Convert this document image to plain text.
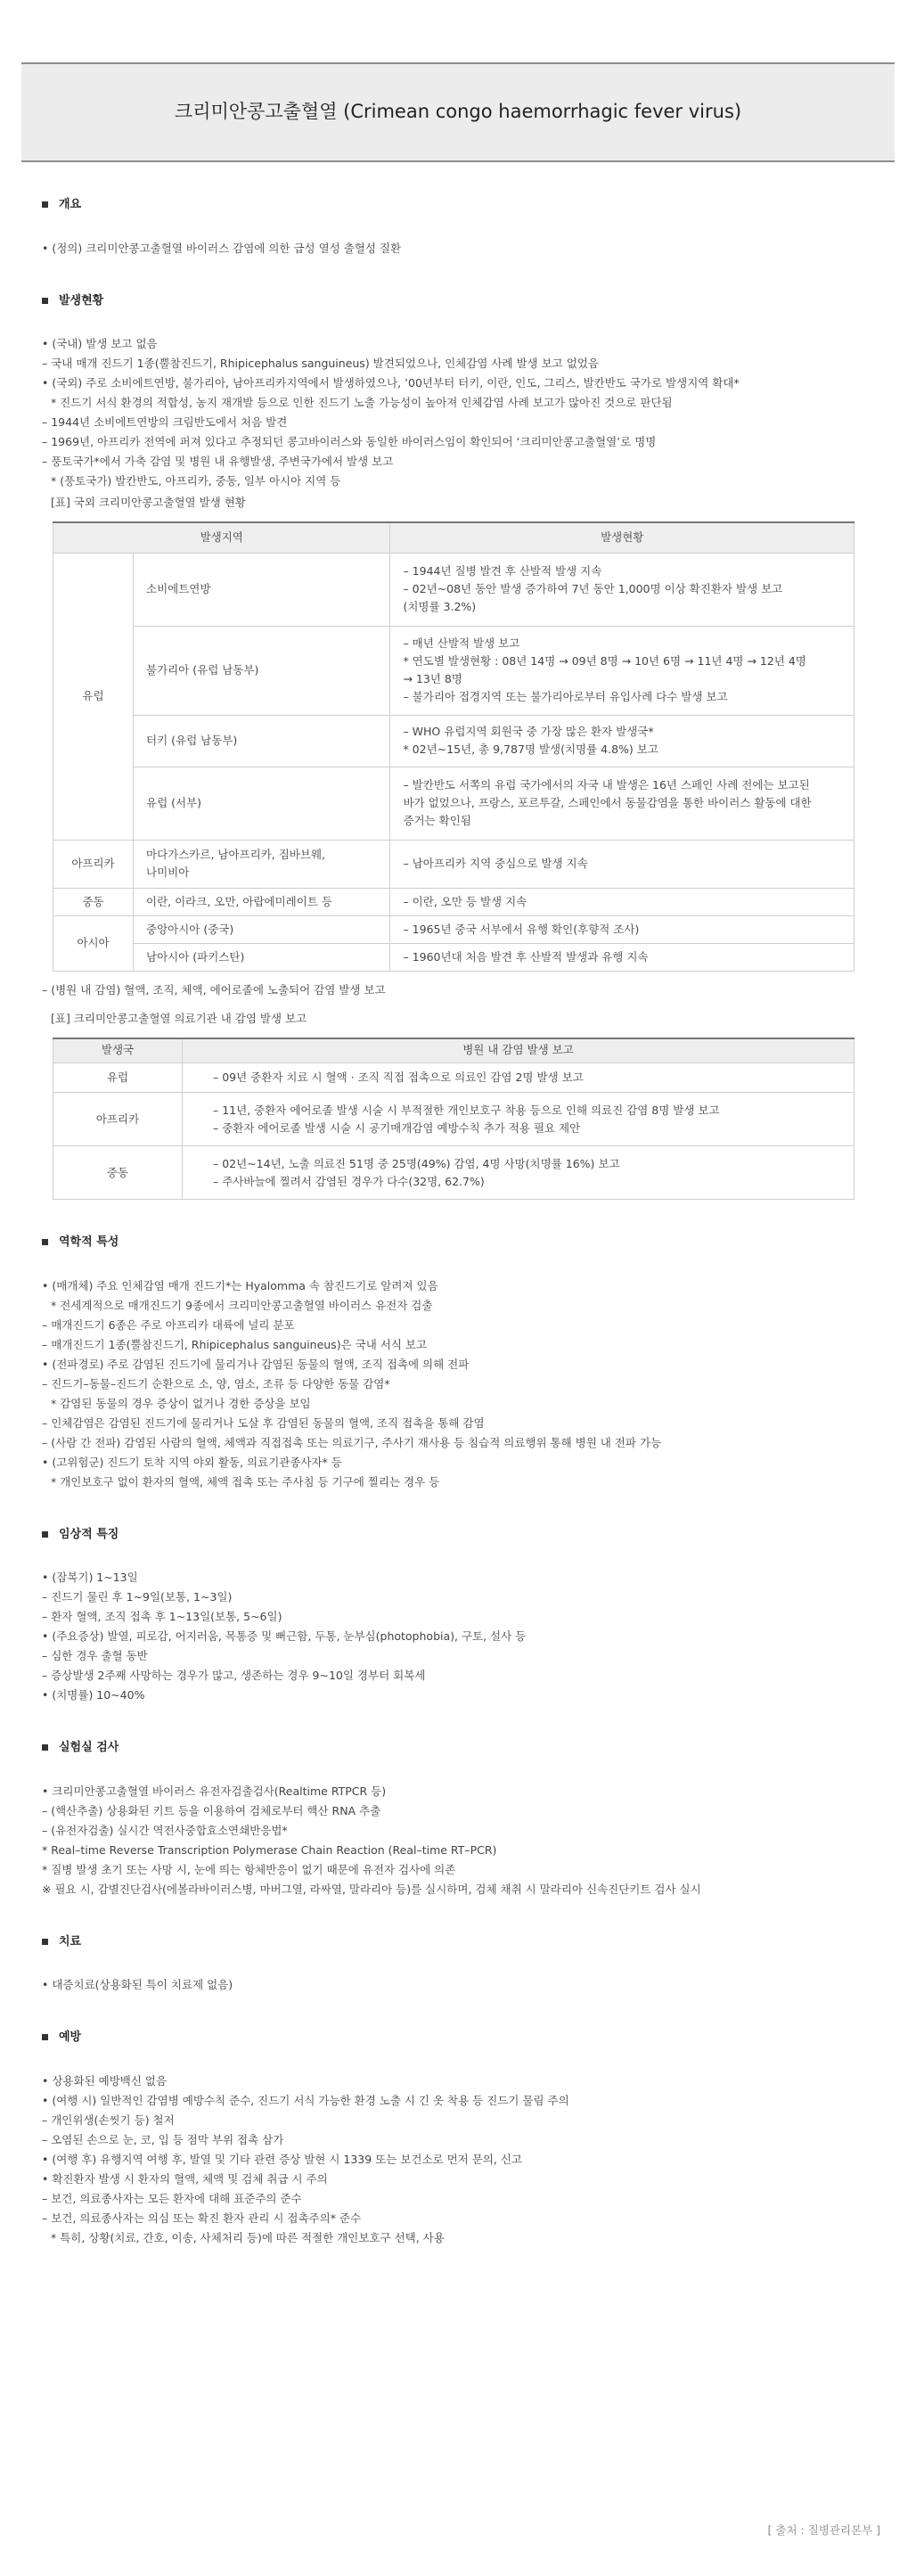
크리미안콩고출혈열 (Crimean congo haemorrhagic fever virus)
개요
• (정의) 크리미안콩고출혈열 바이러스 감염에 의한 급성 열성 출혈성 질환
발생현황
• (국내) 발생 보고 없음
– 국내 매개 진드기 1종(뿔참진드기, Rhipicephalus sanguineus) 발견되었으나, 인체감염 사례 발생 보고 없었음
• (국외) 주로 소비에트연방, 불가리아, 남아프리카지역에서 발생하였으나, ’00년부터 터키, 이란, 인도, 그리스, 발칸반도 국가로 발생지역 확대*
* 진드기 서식 환경의 적합성, 농지 재개발 등으로 인한 진드기 노출 가능성이 높아져 인체감염 사례 보고가 많아진 것으로 판단됨
– 1944년 소비에트연방의 크림반도에서 처음 발견
– 1969년, 아프리카 전역에 퍼져 있다고 추정되던 콩고바이러스와 동일한 바이러스임이 확인되어 ‘크리미안콩고출혈열’로 명명
– 풍토국가*에서 가축 감염 및 병원 내 유행발생, 주변국가에서 발생 보고
* (풍토국가) 발칸반도, 아프리카, 중동, 일부 아시아 지역 등
[표] 국외 크리미안콩고출혈열 발생 현황
발생지역		발생현황
유럽	소비에트연방	– 1944년 질병 발견 후 산발적 발생 지속
– 02년~08년 동안 발생 증가하여 7년 동안 1,000명 이상 확진환자 발생 보고
(치명률 3.2%)

	불가리아 (유럽 남동부)	– 매년 산발적 발생 보고
* 연도별 발생현황 : 08년 14명 → 09년 8명 → 10년 6명 → 11년 4명 → 12년 4명
→ 13년 8명
– 불가리아 접경지역 또는 불가리아로부터 유입사례 다수 발생 보고

	터키 (유럽 남동부)	– WHO 유럽지역 회원국 중 가장 많은 환자 발생국*
* 02년~15년, 총 9,787명 발생(치명률 4.8%) 보고

	유럽 (서부)	– 발칸반도 서쪽의 유럽 국가에서의 자국 내 발생은 16년 스페인 사례 전에는 보고된
바가 없었으나, 프랑스, 포르투갈, 스페인에서 동물감염을 통한 바이러스 활동에 대한
증거는 확인됨

아프리카	마다가스카르, 남아프리카, 짐바브웨,
나미비아	– 남아프리카 지역 중심으로 발생 지속
중동	이란, 이라크, 오만, 아랍에미레이트 등	– 이란, 오만 등 발생 지속
아시아	중앙아시아 (중국)	– 1965년 중국 서부에서 유행 확인(후향적 조사)
	남아시아 (파키스탄)	– 1960년대 처음 발견 후 산발적 발생과 유행 지속
– (병원 내 감염) 혈액, 조직, 체액, 에어로졸에 노출되어 감염 발생 보고
[표] 크리미안콩고출혈열 의료기관 내 감염 발생 보고
발생국	병원 내 감염 발생 보고
유럽	– 09년 중환자 치료 시 혈액 · 조직 직접 접촉으로 의료인 감염 2명 발생 보고
아프리카	– 11년, 중환자 에어로졸 발생 시술 시 부적절한 개인보호구 착용 등으로 인해 의료진 감염 8명 발생 보고
– 중환자 에어로졸 발생 시술 시 공기매개감염 예방수칙 추가 적용 필요 제안

중동	– 02년~14년, 노출 의료진 51명 중 25명(49%) 감염, 4명 사망(치명률 16%) 보고
– 주사바늘에 찔려서 감염된 경우가 다수(32명, 62.7%)
역학적 특성
• (매개체) 주요 인체감염 매개 진드기*는 Hyalomma 속 참진드기로 알려져 있음
* 전세계적으로 매개진드기 9종에서 크리미안콩고출혈열 바이러스 유전자 검출
– 매개진드기 6종은 주로 아프리카 대륙에 널리 분포
– 매개진드기 1종(뿔참진드기, Rhipicephalus sanguineus)은 국내 서식 보고
• (전파경로) 주로 감염된 진드기에 물리거나 감염된 동물의 혈액, 조직 접촉에 의해 전파
– 진드기–동물–진드기 순환으로 소, 양, 염소, 조류 등 다양한 동물 감염*
* 감염된 동물의 경우 증상이 없거나 경한 증상을 보임
– 인체감염은 감염된 진드기에 물리거나 도살 후 감염된 동물의 혈액, 조직 접촉을 통해 감염
– (사람 간 전파) 감염된 사람의 혈액, 체액과 직접접촉 또는 의료기구, 주사기 재사용 등 침습적 의료행위 통해 병원 내 전파 가능
• (고위험군) 진드기 토착 지역 야외 활동, 의료기관종사자* 등
* 개인보호구 없이 환자의 혈액, 체액 접촉 또는 주사침 등 기구에 찔리는 경우 등
임상적 특징
• (잠복기) 1~13일
– 진드기 물린 후 1~9일(보통, 1~3일)
– 환자 혈액, 조직 접촉 후 1~13일(보통, 5~6일)
• (주요증상) 발열, 피로감, 어지러움, 목통증 및 뻐근함, 두통, 눈부심(photophobia), 구토, 설사 등
– 심한 경우 출혈 동반
– 증상발생 2주째 사망하는 경우가 많고, 생존하는 경우 9~10일 경부터 회복세
• (치명률) 10~40%
실험실 검사
• 크리미안콩고출혈열 바이러스 유전자검출검사(Realtime RTPCR 등)
– (핵산추출) 상용화된 키트 등을 이용하여 검체로부터 핵산 RNA 추출
– (유전자검출) 실시간 역전사중합효소연쇄반응법*
* Real–time Reverse Transcription Polymerase Chain Reaction (Real–time RT–PCR)
* 질병 발생 초기 또는 사망 시, 눈에 띄는 항체반응이 없기 때문에 유전자 검사에 의존
※ 필요 시, 감별진단검사(에볼라바이러스병, 마버그열, 라싸열, 말라리아 등)를 실시하며, 검체 채취 시 말라리아 신속진단키트 검사 실시
치료
• 대증치료(상용화된 특이 치료제 없음)
예방
• 상용화된 예방백신 없음
• (여행 시) 일반적인 감염병 예방수칙 준수, 진드기 서식 가능한 환경 노출 시 긴 옷 착용 등 진드기 물림 주의
– 개인위생(손씻기 등) 철저
– 오염된 손으로 눈, 코, 입 등 점막 부위 접촉 삼가
• (여행 후) 유행지역 여행 후, 발열 및 기타 관련 증상 발현 시 1339 또는 보건소로 먼저 문의, 신고
• 확진환자 발생 시 환자의 혈액, 체액 및 검체 취급 시 주의
– 보건, 의료종사자는 모든 환자에 대해 표준주의 준수
– 보건, 의료종사자는 의심 또는 확진 환자 관리 시 접촉주의* 준수
* 특히, 상황(치료, 간호, 이송, 사체처리 등)에 따른 적절한 개인보호구 선택, 사용
[ 출처 : 질병관리본부 ]
